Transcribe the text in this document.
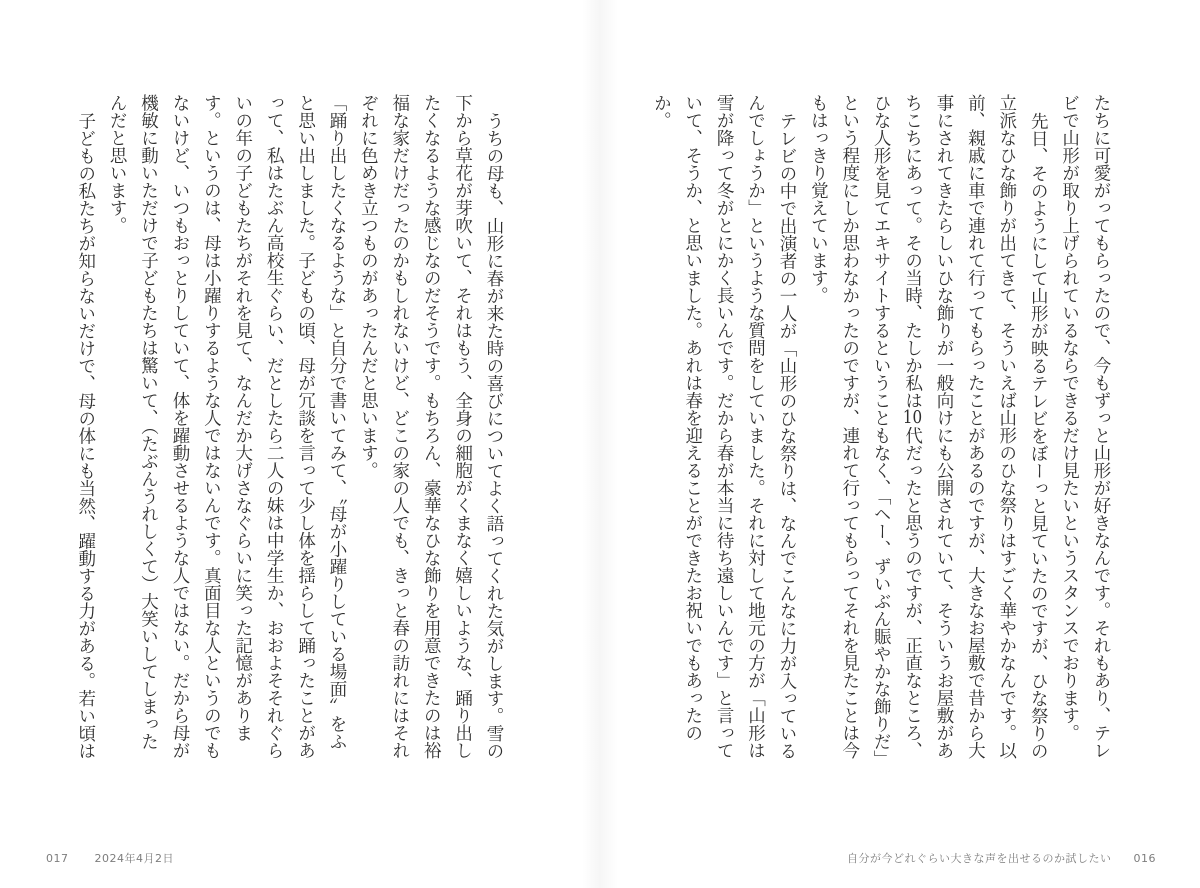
たちに可愛がってもらったので、今もずっと山形が好きなんです。それもあり、テレビで山形が取り上げられているならできるだけ見たいというスタンスでおります。

先日、そのようにして山形が映るテレビをぼーっと見ていたのですが、ひな祭りの立派なひな飾りが出てきて、そういえば山形のひな祭りはすごく華やかなんです。以前、親戚に車で連れて行ってもらったことがあるのですが、大きなお屋敷で昔から大事にされてきたらしいひな飾りが一般向けにも公開されていて、そういうお屋敷があちこちにあって。その当時、たしか私は10代だったと思うのですが、正直なところ、ひな人形を見てエキサイトするということもなく、「ヘー、ずいぶん賑やかな飾りだ」という程度にしか思わなかったのですが、連れて行ってもらってそれを見たことは今もはっきり覚えています。

テレビの中で出演者の一人が「山形のひな祭りは、なんでこんなに力が入っているんでしょうか」というような質問をしていました。それに対して地元の方が「山形は雪が降って冬がとにかく長いんです。だから春が本当に待ち遠しいんです」と言っていて、そうか、と思いました。あれは春を迎えることができたお祝いでもあったのか。

自分が今どれぐらい大きな声を出せるのか試したい 016

うちの母も、山形に春が来た時の喜びについてよく語ってくれた気がします。雪の下から草花が芽吹いて、それはもう、全身の細胞がくまなく嬉しいような、踊り出したくなるような感じなのだそうです。もちろん、豪華なひな飾りを用意できたのは裕福な家だけだったのかもしれないけど、どこの家の人でも、きっと春の訪れにはそれぞれに色めき立つものがあったんだと思います。

「踊り出したくなるような」と自分で書いてみて、〝母が小躍りしている場面〟をふと思い出しました。子どもの頃、母が冗談を言って少し体を揺らして踊ったことがあって、私はたぶん高校生ぐらい、だとしたら二人の妹は中学生か、おおよそそれぐらいの年の子どもたちがそれを見て、なんだか大げさなぐらいに笑った記憶があります。というのは、母は小躍りするような人ではないんです。真面目な人というのでもないけど、いつもおっとりしていて、体を躍動させるような人ではない。だから母が機敏に動いただけで子どもたちは驚いて、（たぶんうれしくて）大笑いしてしまったんだと思います。

子どもの私たちが知らないだけで、母の体にも当然、躍動する力がある。若い頃は

017 2024年4月2日
